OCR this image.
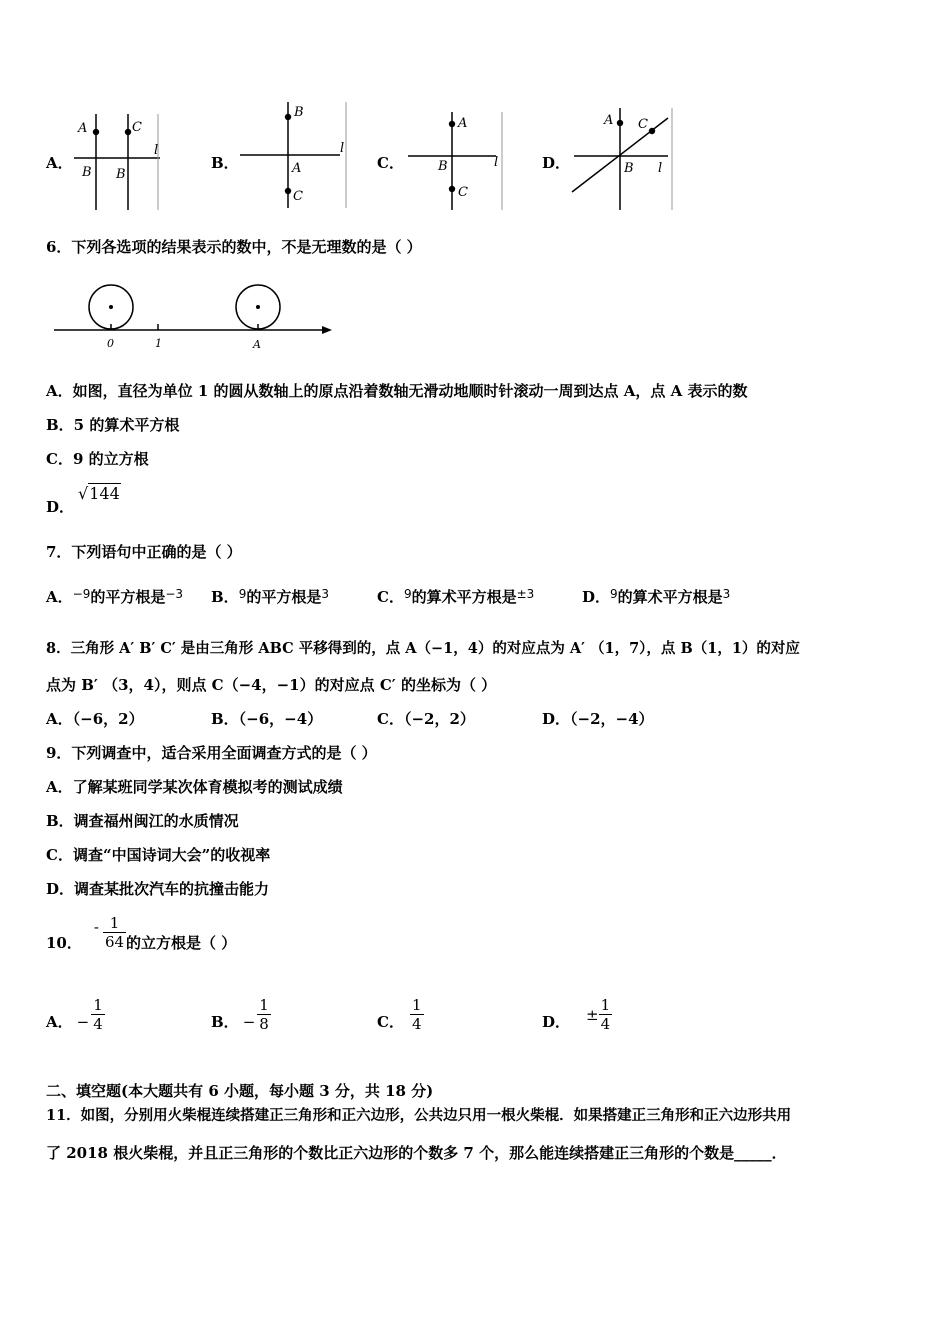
A．
A	C
B B
l
B．
B
A
C
l
C．
A
B
C
l	D．
A C
B l
6．下列各选项的结果表示的数中，不是无理数的是（ ）
0	1	A
A．如图，直径为单位 1 的圆从数轴上的原点沿着数轴无滑动地顺时针滚动一周到达点 A，点 A 表示的数
B．5 的算术平方根
C．9 的立方根
D．√144
7．下列语句中正确的是（ ）
A．$^{-9}$的平方根是$^{-3}$ B．$^9$的平方根是$^3$	C．$^9$的算术平方根是$^{\pm 3}$	D．$^9$的算术平方根是$^3$
8．三角形 A′ B′ C′ 是由三角形 ABC 平移得到的，点 A（−1，4）的对应点为 A′ （1，7），点 B（1，1）的对应
点为 B′ （3，4），则点 C（−4，−1）的对应点 C′ 的坐标为（ ）
A．（−6，2）	B．（−6，−4）	C．（−2，2）	D．（−2，−4）
9．下列调查中，适合采用全面调查方式的是（ ）
A．了解某班同学某次体育模拟考的测试成绩
B．调查福州闽江的水质情况
C．调查“中国诗词大会”的收视率
D．调查某批次汽车的抗撞击能力
10．- $\frac{1}{64}$ 的立方根是（ ）
A． − $\frac{1}{4}$	B． − $\frac{1}{8}$	C． $\frac{1}{4}$	D． ± $\frac{1}{4}$
二、填空题(本大题共有 6 小题，每小题 3 分，共 18 分)
11．如图，分别用火柴棍连续搭建正三角形和正六边形，公共边只用一根火柴棍．如果搭建正三角形和正六边形共用
了 2018 根火柴棍，并且正三角形的个数比正六边形的个数多 7 个，那么能连续搭建正三角形的个数是_____．
